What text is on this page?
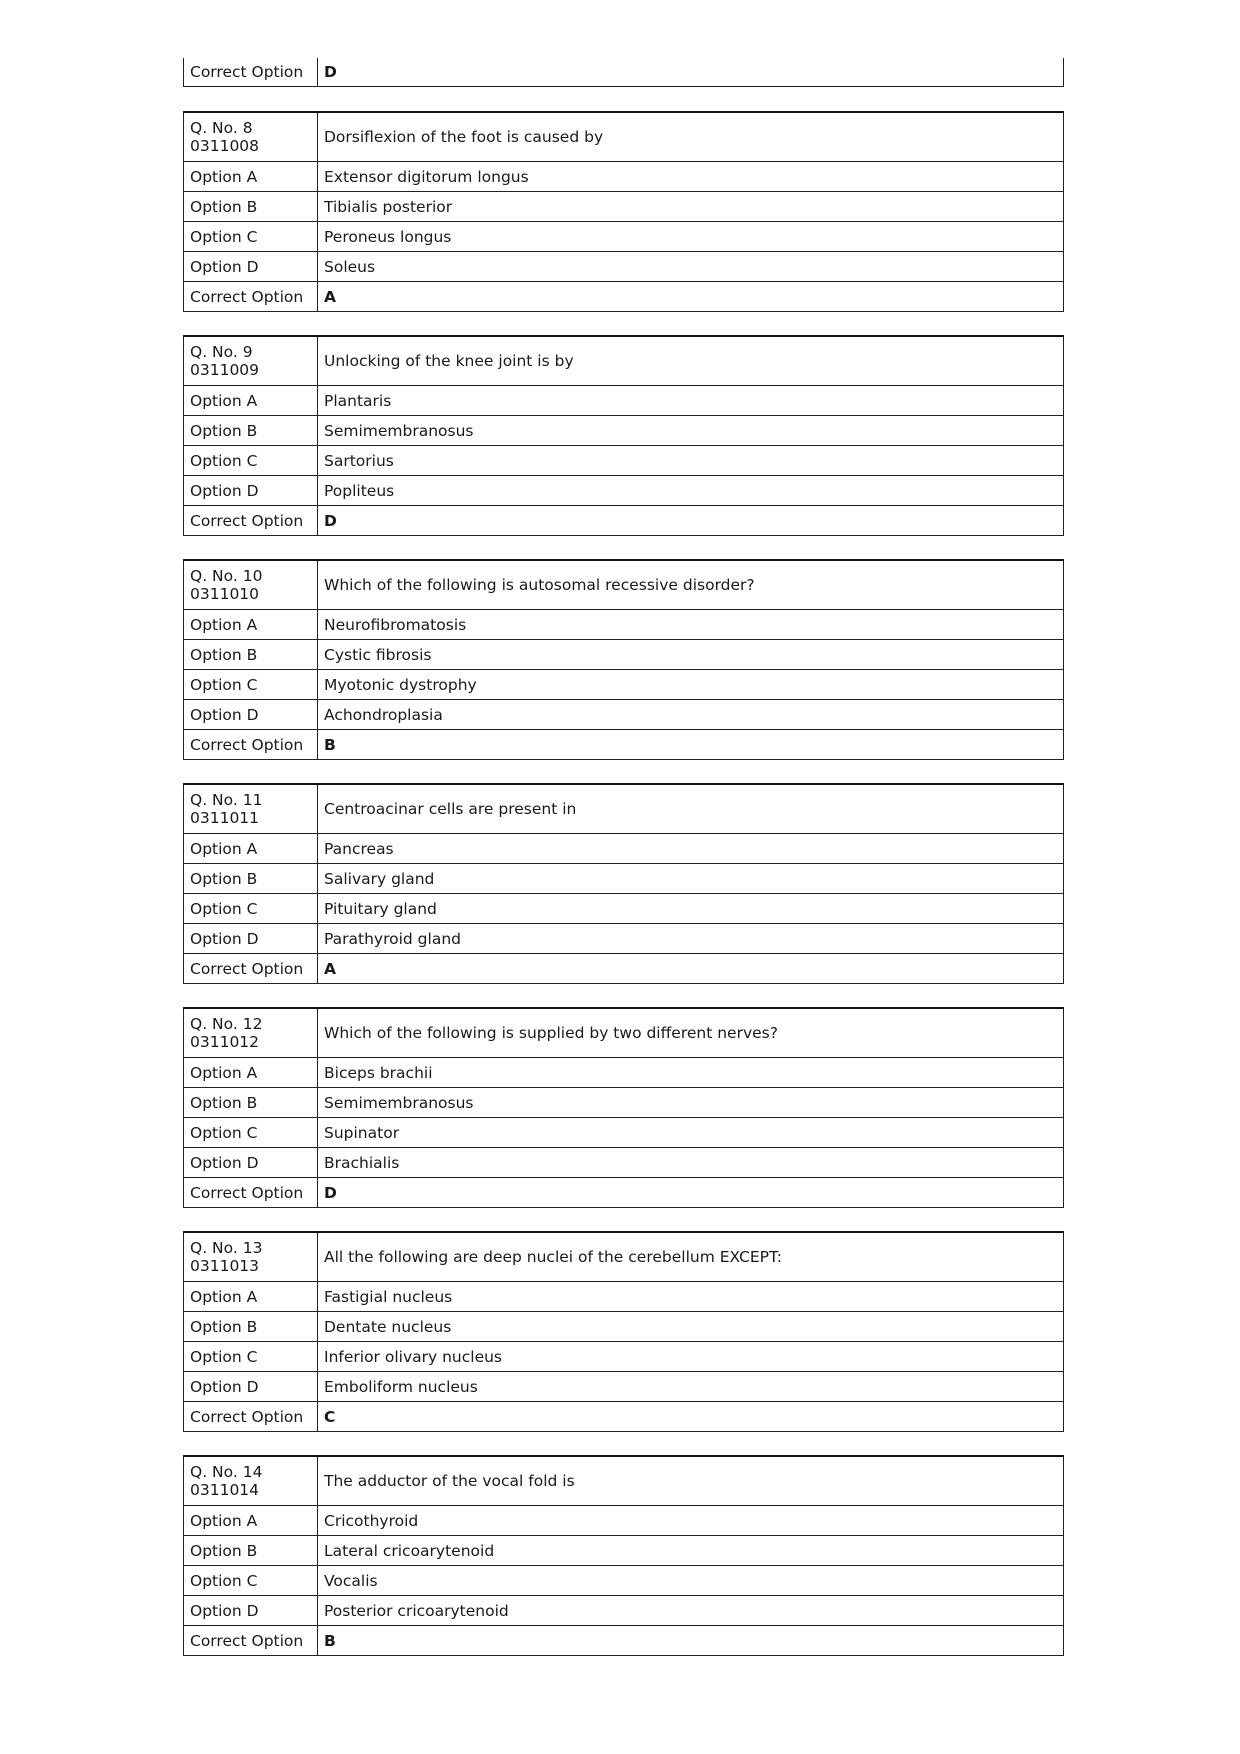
Correct Option	D
Q. No. 8
0311008	Dorsiflexion of the foot is caused by
Option A	Extensor digitorum longus
Option B	Tibialis posterior
Option C	Peroneus longus
Option D	Soleus
Correct Option	A
Q. No. 9
0311009	Unlocking of the knee joint is by
Option A	Plantaris
Option B	Semimembranosus
Option C	Sartorius
Option D	Popliteus
Correct Option	D
Q. No. 10
0311010	Which of the following is autosomal recessive disorder?
Option A	Neurofibromatosis
Option B	Cystic fibrosis
Option C	Myotonic dystrophy
Option D	Achondroplasia
Correct Option	B
Q. No. 11
0311011	Centroacinar cells are present in
Option A	Pancreas
Option B	Salivary gland
Option C	Pituitary gland
Option D	Parathyroid gland
Correct Option	A
Q. No. 12
0311012	Which of the following is supplied by two different nerves?
Option A	Biceps brachii
Option B	Semimembranosus
Option C	Supinator
Option D	Brachialis
Correct Option	D
Q. No. 13
0311013	All the following are deep nuclei of the cerebellum EXCEPT:
Option A	Fastigial nucleus
Option B	Dentate nucleus
Option C	Inferior olivary nucleus
Option D	Emboliform nucleus
Correct Option	C
Q. No. 14
0311014	The adductor of the vocal fold is
Option A	Cricothyroid
Option B	Lateral cricoarytenoid
Option C	Vocalis
Option D	Posterior cricoarytenoid
Correct Option	B
